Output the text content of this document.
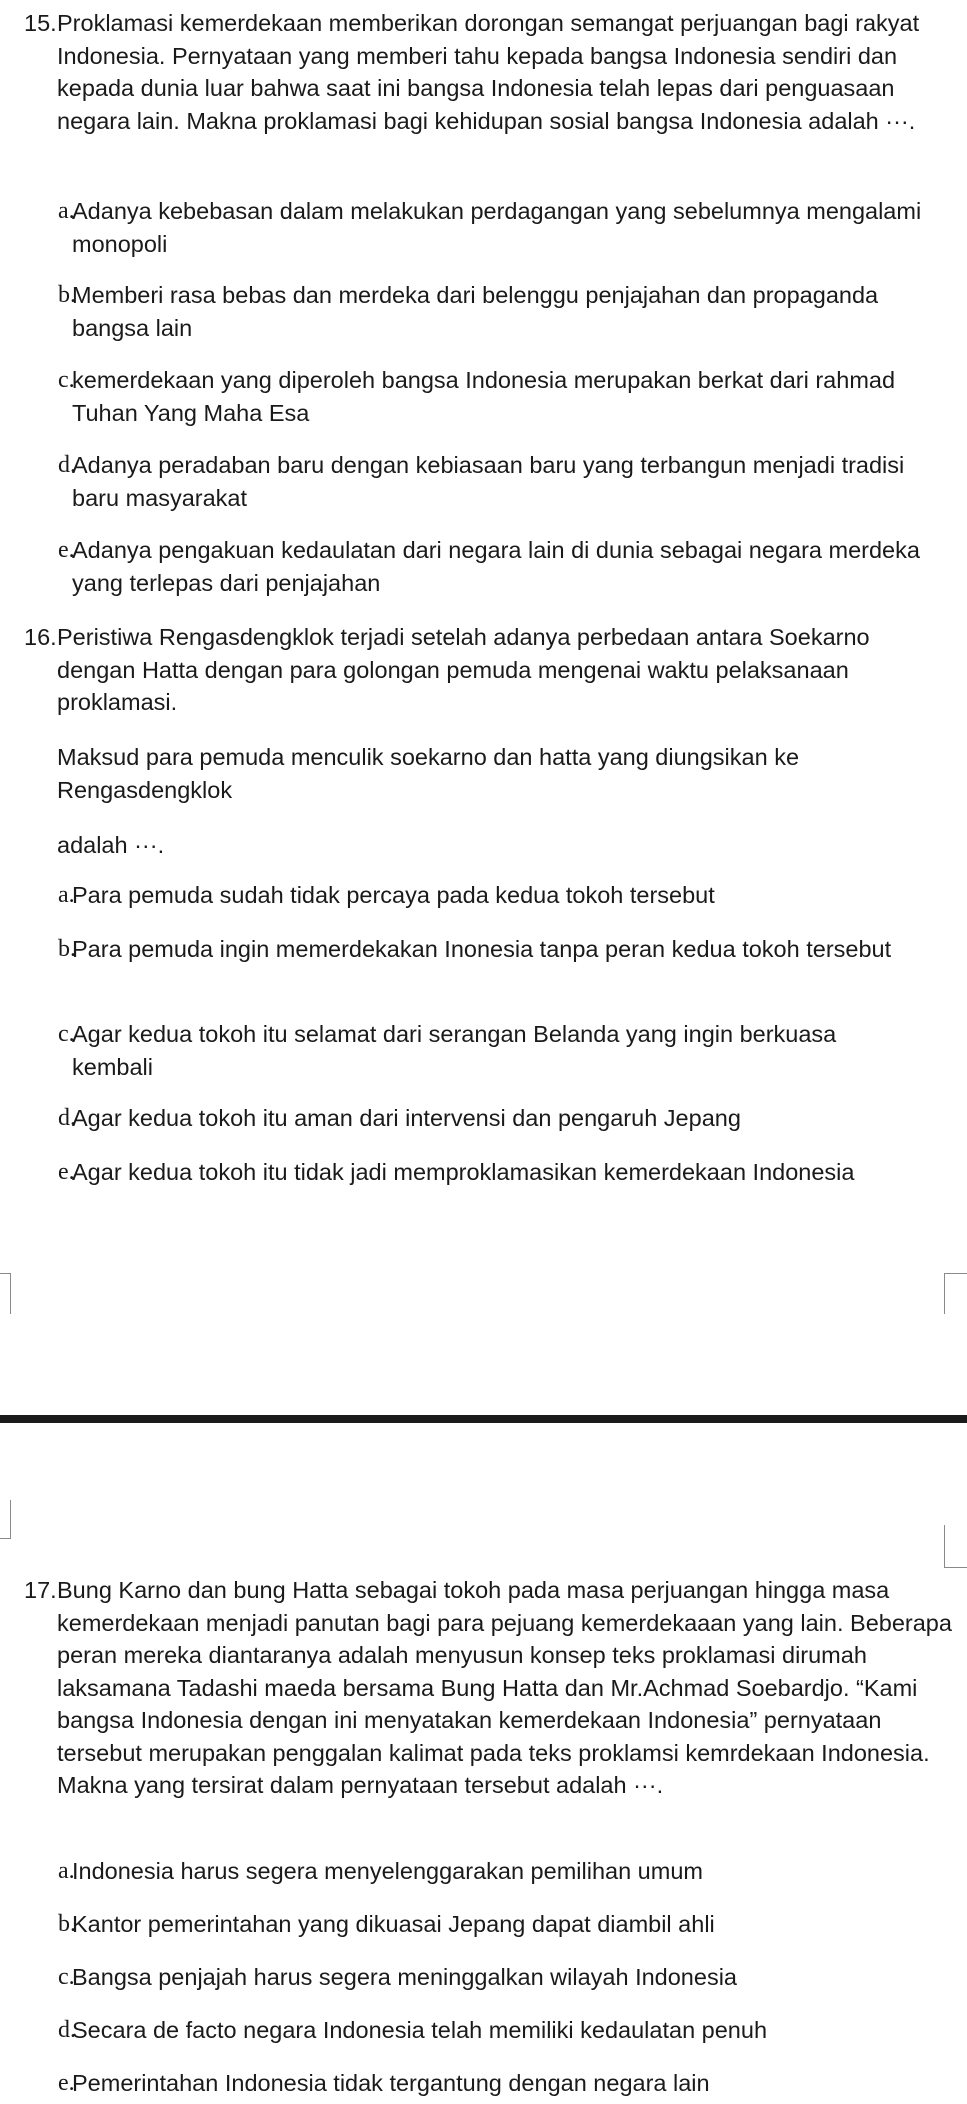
15. Proklamasi kemerdekaan memberikan dorongan semangat perjuangan bagi rakyat Indonesia. Pernyataan yang memberi tahu kepada bangsa Indonesia sendiri dan kepada dunia luar bahwa saat ini bangsa Indonesia telah lepas dari penguasaan negara lain. Makna proklamasi bagi kehidupan sosial bangsa Indonesia adalah ···.
a.
Adanya kebebasan dalam melakukan perdagangan yang sebelumnya mengalami monopoli
b.
Memberi rasa bebas dan merdeka dari belenggu penjajahan dan propaganda bangsa lain
c.
kemerdekaan yang diperoleh bangsa Indonesia merupakan berkat dari rahmad Tuhan Yang Maha Esa
d.
Adanya peradaban baru dengan kebiasaan baru yang terbangun menjadi tradisi baru masyarakat
e.
Adanya pengakuan kedaulatan dari negara lain di dunia sebagai negara merdeka yang terlepas dari penjajahan
16. Peristiwa Rengasdengklok terjadi setelah adanya perbedaan antara Soekarno dengan Hatta dengan para golongan pemuda mengenai waktu pelaksanaan proklamasi.
Maksud para pemuda menculik soekarno dan hatta yang diungsikan ke Rengasdengklok
adalah ···.
a.
Para pemuda sudah tidak percaya pada kedua tokoh tersebut
b.
Para pemuda ingin memerdekakan Inonesia tanpa peran kedua tokoh tersebut
c.
Agar kedua tokoh itu selamat dari serangan Belanda yang ingin berkuasa kembali
d.
Agar kedua tokoh itu aman dari intervensi dan pengaruh Jepang
e.
Agar kedua tokoh itu tidak jadi memproklamasikan kemerdekaan Indonesia
17. Bung Karno dan bung Hatta sebagai tokoh pada masa perjuangan hingga masa kemerdekaan menjadi panutan bagi para pejuang kemerdekaaan yang lain. Beberapa peran mereka diantaranya adalah menyusun konsep teks proklamasi dirumah laksamana Tadashi maeda bersama Bung Hatta dan Mr.Achmad Soebardjo. “Kami bangsa Indonesia dengan ini menyatakan kemerdekaan Indonesia” pernyataan tersebut merupakan penggalan kalimat pada teks proklamsi kemrdekaan Indonesia. Makna yang tersirat dalam pernyataan tersebut adalah ···.
a.
Indonesia harus segera menyelenggarakan pemilihan umum
b.
Kantor pemerintahan yang dikuasai Jepang dapat diambil ahli
c.
Bangsa penjajah harus segera meninggalkan wilayah Indonesia
d.
Secara de facto negara Indonesia telah memiliki kedaulatan penuh
e.
Pemerintahan Indonesia tidak tergantung dengan negara lain
